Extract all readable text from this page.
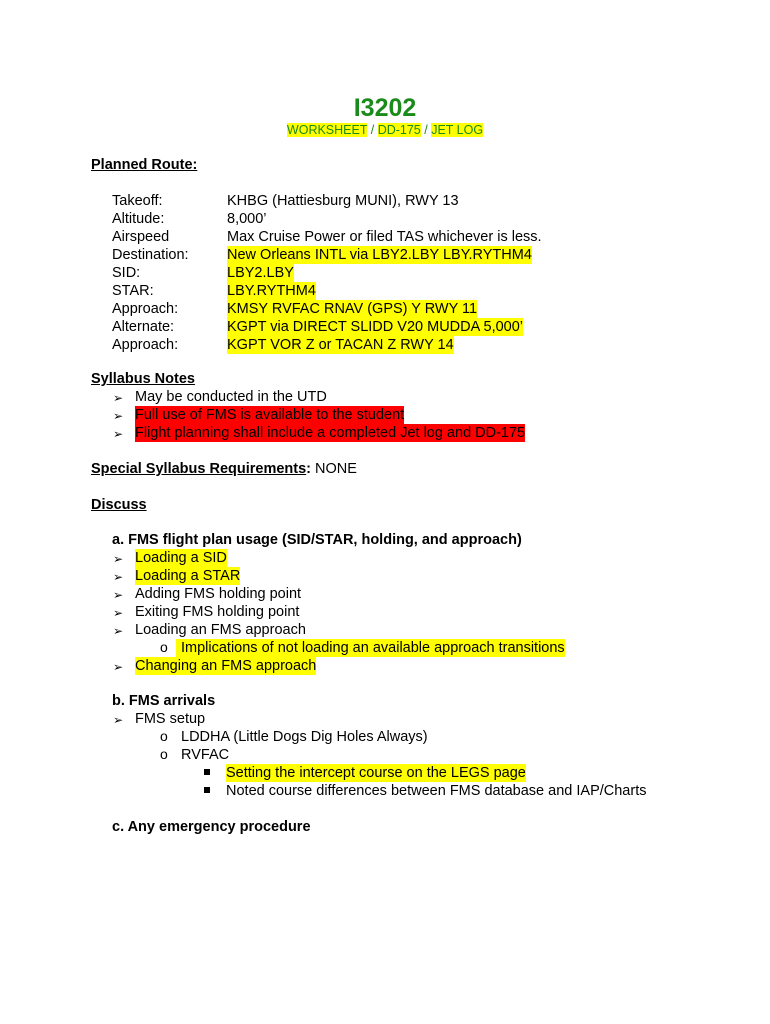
I3202
WORKSHEET / DD-175 / JET LOG
Planned Route:
Takeoff:	KHBG (Hattiesburg MUNI), RWY 13
Altitude:	8,000’
Airspeed	Max Cruise Power or filed TAS whichever is less.
Destination:	New Orleans INTL via LBY2.LBY LBY.RYTHM4
SID:	LBY2.LBY
STAR:	LBY.RYTHM4
Approach:	KMSY RVFAC RNAV (GPS) Y RWY 11
Alternate:	KGPT via DIRECT SLIDD V20 MUDDA 5,000’
Approach:	KGPT VOR Z or TACAN Z RWY 14
Syllabus Notes
➢ May be conducted in the UTD
➢ Full use of FMS is available to the student
➢ Flight planning shall include a completed Jet log and DD-175
Special Syllabus Requirements: NONE
Discuss
a. FMS flight plan usage (SID/STAR, holding, and approach)
➢ Loading a SID
➢ Loading a STAR
➢ Adding FMS holding point
➢ Exiting FMS holding point
➢ Loading an FMS approach
o Implications of not loading an available approach transitions
➢ Changing an FMS approach
b. FMS arrivals
➢ FMS setup
o LDDHA (Little Dogs Dig Holes Always)
o RVFAC
Setting the intercept course on the LEGS page
Noted course differences between FMS database and IAP/Charts
c. Any emergency procedure
